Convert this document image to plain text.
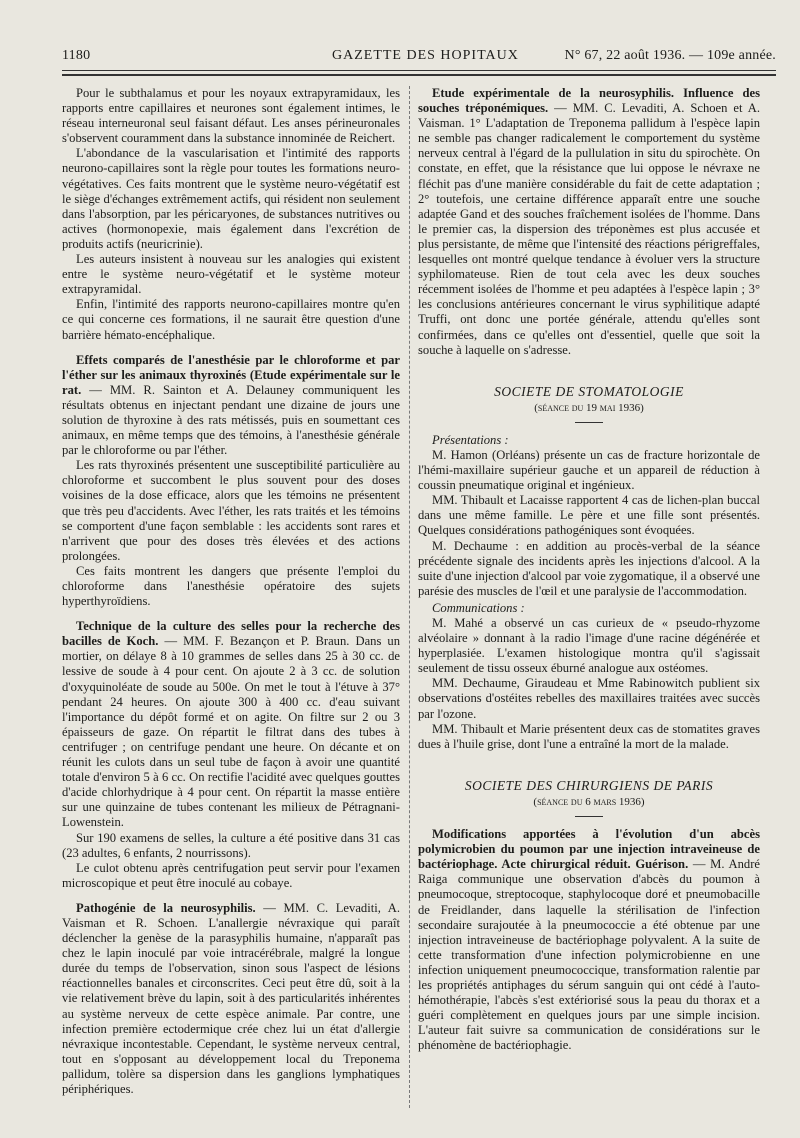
1180	GAZETTE DES HOPITAUX	N° 67, 22 août 1936. — 109e année.

Pour le subthalamus et pour les noyaux extrapyramidaux, les rapports entre capillaires et neurones sont également intimes, le réseau interneuronal seul faisant défaut. Les anses périneuronales s'observent couramment dans la substance innominée de Reichert.

L'abondance de la vascularisation et l'intimité des rapports neurono-capillaires sont la règle pour toutes les formations neuro-végétatives. Ces faits montrent que le système neuro-végétatif est le siège d'échanges extrêmement actifs, qui résident non seulement dans l'absorption, par les péricaryones, de substances nutritives ou actives (hormonopexie, mais également dans l'excrétion de produits actifs (neuricrinie).

Les auteurs insistent à nouveau sur les analogies qui existent entre le système neuro-végétatif et le système moteur extrapyramidal.

Enfin, l'intimité des rapports neurono-capillaires montre qu'en ce qui concerne ces formations, il ne saurait être question d'une barrière hémato-encéphalique.

Effets comparés de l'anesthésie par le chloroforme et par l'éther sur les animaux thyroxinés (Etude expérimentale sur le rat. — MM. R. Sainton et A. Delauney communiquent les résultats obtenus en injectant pendant une dizaine de jours une solution de thyroxine à des rats métissés, puis en soumettant ces animaux, en même temps que des témoins, à l'anesthésie générale par le chloroforme ou par l'éther.

Les rats thyroxinés présentent une susceptibilité particulière au chloroforme et succombent le plus souvent pour des doses voisines de la dose efficace, alors que les témoins ne présentent que très peu d'accidents. Avec l'éther, les rats traités et les témoins se comportent d'une façon semblable : les accidents sont rares et n'arrivent que pour des doses très élevées et des actions prolongées.

Ces faits montrent les dangers que présente l'emploi du chloroforme dans l'anesthésie opératoire des sujets hyperthyroïdiens.

Technique de la culture des selles pour la recherche des bacilles de Koch. — MM. F. Bezançon et P. Braun. Dans un mortier, on délaye 8 à 10 grammes de selles dans 25 à 30 cc. de lessive de soude à 4 pour cent. On ajoute 2 à 3 cc. de solution d'oxyquinoléate de soude au 500e. On met le tout à l'étuve à 37° pendant 24 heures. On ajoute 300 à 400 cc. d'eau suivant l'importance du dépôt formé et on agite. On filtre sur 2 ou 3 épaisseurs de gaze. On répartit le filtrat dans des tubes à centrifuger ; on centrifuge pendant une heure. On décante et on réunit les culots dans un seul tube de façon à avoir une quantité totale d'environ 5 à 6 cc. On rectifie l'acidité avec quelques gouttes d'acide chlorhydrique à 4 pour cent. On répartit la masse entière sur une quinzaine de tubes contenant les milieux de Pétragnani-Lowenstein.

Sur 190 examens de selles, la culture a été positive dans 31 cas (23 adultes, 6 enfants, 2 nourrissons).

Le culot obtenu après centrifugation peut servir pour l'examen microscopique et peut être inoculé au cobaye.

Pathogénie de la neurosyphilis. — MM. C. Levaditi, A. Vaisman et R. Schoen. L'anallergie névraxique qui paraît déclencher la genèse de la parasyphilis humaine, n'apparaît pas chez le lapin inoculé par voie intracérébrale, malgré la longue durée du temps de l'observation, sinon sous l'aspect de lésions réactionnelles banales et circonscrites. Ceci peut être dû, soit à la vie relativement brève du lapin, soit à des particularités inhérentes au système nerveux de cette espèce animale. Par contre, une infection première ectodermique crée chez lui un état d'allergie névraxique incontestable. Cependant, le système nerveux central, tout en s'opposant au développement local du Treponema pallidum, tolère sa dispersion dans les ganglions lymphatiques périphériques.

Etude expérimentale de la neurosyphilis. Influence des souches tréponémiques. — MM. C. Levaditi, A. Schoen et A. Vaisman. 1° L'adaptation de Treponema pallidum à l'espèce lapin ne semble pas changer radicalement le comportement du système nerveux central à l'égard de la pullulation in situ du spirochète. On constate, en effet, que la résistance que lui oppose le névraxe ne fléchit pas d'une manière considérable du fait de cette adaptation ; 2° toutefois, une certaine différence apparaît entre une souche adaptée Gand et des souches fraîchement isolées de l'homme. Dans le premier cas, la dispersion des tréponèmes est plus accusée et plus persistante, de même que l'intensité des réactions périgreffales, lesquelles ont montré quelque tendance à évoluer vers la structure syphilomateuse. Rien de tout cela avec les deux souches récemment isolées de l'homme et peu adaptées à l'espèce lapin ; 3° les conclusions antérieures concernant le virus syphilitique adapté Truffi, ont donc une portée générale, attendu qu'elles sont confirmées, dans ce qu'elles ont d'essentiel, quelle que soit la souche à laquelle on s'adresse.

SOCIETE DE STOMATOLOGIE
(séance du 19 mai 1936)
Présentations :

M. Hamon (Orléans) présente un cas de fracture horizontale de l'hémi-maxillaire supérieur gauche et un appareil de réduction à coussin pneumatique original et ingénieux.

MM. Thibault et Lacaisse rapportent 4 cas de lichen-plan buccal dans une même famille. Le père et une fille sont présentés. Quelques considérations pathogéniques sont évoquées.

M. Dechaume : en addition au procès-verbal de la séance précédente signale des incidents après les injections d'alcool. A la suite d'une injection d'alcool par voie zygomatique, il a observé une parésie des muscles de l'œil et une paralysie de l'accommodation.

Communications :

M. Mahé a observé un cas curieux de « pseudo-rhyzome alvéolaire » donnant à la radio l'image d'une racine dégénérée et hyperplasiée. L'examen histologique montra qu'il s'agissait seulement de tissu osseux éburné analogue aux ostéomes.

MM. Dechaume, Giraudeau et Mme Rabinowitch publient six observations d'ostéites rebelles des maxillaires traitées avec succès par l'ozone.

MM. Thibault et Marie présentent deux cas de stomatites graves dues à l'huile grise, dont l'une a entraîné la mort de la malade.

SOCIETE DES CHIRURGIENS DE PARIS
(séance du 6 mars 1936)

Modifications apportées à l'évolution d'un abcès polymicrobien du poumon par une injection intraveineuse de bactériophage. Acte chirurgical réduit. Guérison. — M. André Raiga communique une observation d'abcès du poumon à pneumocoque, streptocoque, staphylocoque doré et pneumobacille de Freidlander, dans laquelle la stérilisation de l'infection secondaire surajoutée à la pneumococcie a été obtenue par une injection intraveineuse de bactériophage polyvalent. A la suite de cette transformation d'une infection polymicrobienne en une infection uniquement pneumococcique, transformation ralentie par les propriétés antiphages du sérum sanguin qui ont cédé à l'auto-hémothérapie, l'abcès s'est extériorisé sous la peau du thorax et a guéri complètement en quelques jours par une simple incision. L'auteur fait suivre sa communication de considérations sur le phénomène de bactériophagie.
